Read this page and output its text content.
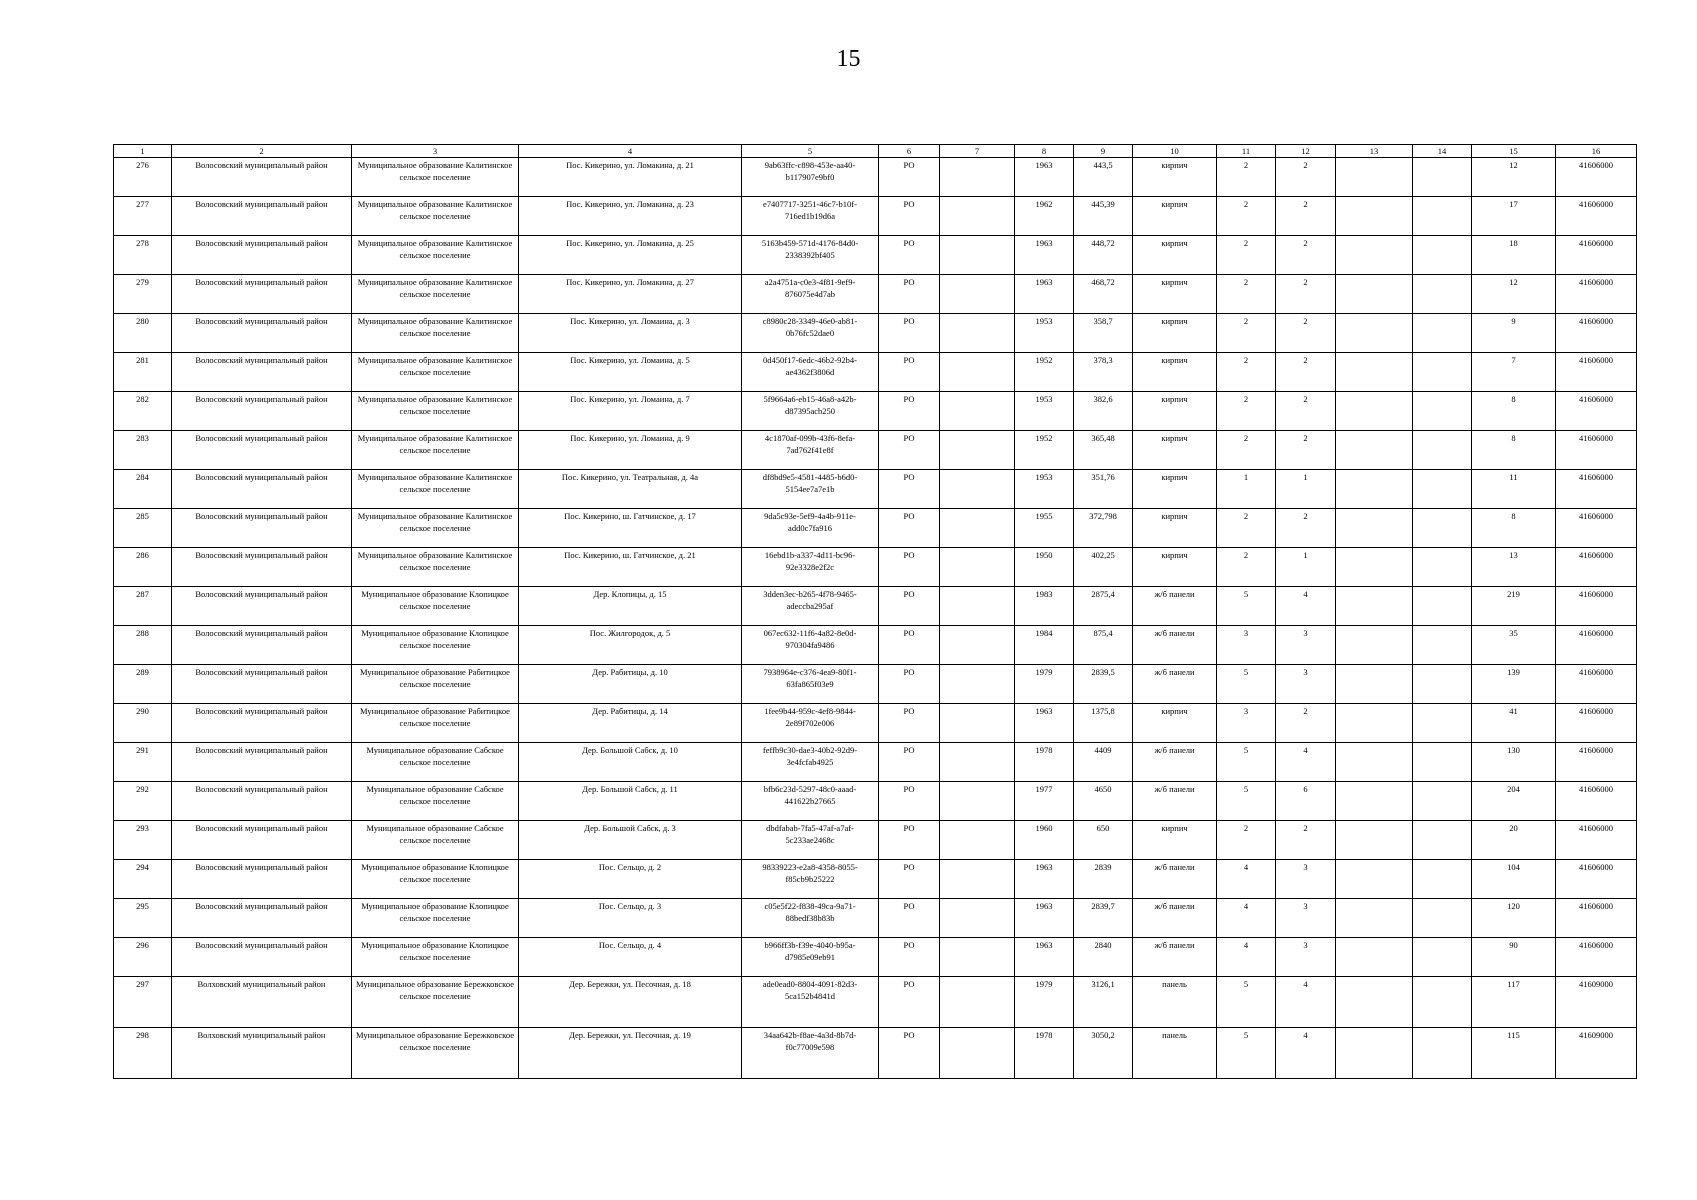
15
1	2	3	4	5	6	7	8	9	10	11	12	13	14	15	16
276	Волосовский муниципальный район	Муниципальное образование Калитинское сельское поселение	Пос. Кикерино, ул. Ломакина, д. 21	9ab63ffc-c898-453e-aa40-b117907e9bf0	РО		1963	443,5	кирпич	2	2			12	41606000
277	Волосовский муниципальный район	Муниципальное образование Калитинское сельское поселение	Пос. Кикерино, ул. Ломакина, д. 23	e7407717-3251-46c7-b10f-716ed1b19d6a	РО		1962	445,39	кирпич	2	2			17	41606000
278	Волосовский муниципальный район	Муниципальное образование Калитинское сельское поселение	Пос. Кикерино, ул. Ломакина, д. 25	5163b459-571d-4176-84d0-2338392bf405	РО		1963	448,72	кирпич	2	2			18	41606000
279	Волосовский муниципальный район	Муниципальное образование Калитинское сельское поселение	Пос. Кикерино, ул. Ломакина, д. 27	a2a4751a-c0e3-4f81-9ef9-876075e4d7ab	РО		1963	468,72	кирпич	2	2			12	41606000
280	Волосовский муниципальный район	Муниципальное образование Калитинское сельское поселение	Пос. Кикерино, ул. Ломаина, д. 3	c8980c28-3349-46e0-ab81-0b76fc52dae0	РО		1953	358,7	кирпич	2	2			9	41606000
281	Волосовский муниципальный район	Муниципальное образование Калитинское сельское поселение	Пос. Кикерино, ул. Ломаина, д. 5	0d450f17-6edc-46b2-92b4-ae4362f3806d	РО		1952	378,3	кирпич	2	2			7	41606000
282	Волосовский муниципальный район	Муниципальное образование Калитинское сельское поселение	Пос. Кикерино, ул. Ломаина, д. 7	5f9664a6-eb15-46a8-a42b-d87395acb250	РО		1953	382,6	кирпич	2	2			8	41606000
283	Волосовский муниципальный район	Муниципальное образование Калитинское сельское поселение	Пос. Кикерино, ул. Ломаина, д. 9	4c1870af-099b-43f6-8efa-7ad762f41e8f	РО		1952	365,48	кирпич	2	2			8	41606000
284	Волосовский муниципальный район	Муниципальное образование Калитинское сельское поселение	Пос. Кикерино, ул. Театральная, д. 4а	df8bd9e5-4581-4485-b6d0-5154ee7a7e1b	РО		1953	351,76	кирпич	1	1			11	41606000
285	Волосовский муниципальный район	Муниципальное образование Калитинское сельское поселение	Пос. Кикерино, ш. Гатчинское, д. 17	9da5c93e-5ef9-4a4b-911e-add0c7fa916	РО		1955	372,798	кирпич	2	2			8	41606000
286	Волосовский муниципальный район	Муниципальное образование Калитинское сельское поселение	Пос. Кикерино, ш. Гатчинское, д. 21	16ebd1b-a337-4d11-bc96-92e3328e2f2c	РО		1950	402,25	кирпич	2	1			13	41606000
287	Волосовский муниципальный район	Муниципальное образование Клопицкое сельское поселение	Дер. Клопицы, д. 15	3dden3ec-b265-4f78-9465-adeccba295af	РО		1983	2875,4	ж/б панели	5	4			219	41606000
288	Волосовский муниципальный район	Муниципальное образование Клопицкое сельское поселение	Пос. Жилгородок, д. 5	067ec632-11f6-4a82-8e0d-970304fa9486	РО		1984	875,4	ж/б панели	3	3			35	41606000
289	Волосовский муниципальный район	Муниципальное образование Рабитицкое сельское поселение	Дер. Рабитицы, д. 10	7938964e-c376-4ea9-80f1-63fa865f03e9	РО		1979	2839,5	ж/б панели	5	3			139	41606000
290	Волосовский муниципальный район	Муниципальное образование Рабитицкое сельское поселение	Дер. Рабитицы, д. 14	1fee9b44-959c-4ef8-9844-2e89f702e006	РО		1963	1375,8	кирпич	3	2			41	41606000
291	Волосовский муниципальный район	Муниципальное образование Сабское сельское поселение	Дер. Большой Сабск, д. 10	feffb9c30-dae3-40b2-92d9-3e4fcfab4925	РО		1978	4409	ж/б панели	5	4			130	41606000
292	Волосовский муниципальный район	Муниципальное образование Сабское сельское поселение	Дер. Большой Сабск, д. 11	bfb6c23d-5297-48c0-aaad-441622b27665	РО		1977	4650	ж/б панели	5	6			204	41606000
293	Волосовский муниципальный район	Муниципальное образование Сабское сельское поселение	Дер. Большой Сабск, д. 3	dbdfabab-7fa5-47af-a7af-5c233ae2468c	РО		1960	650	кирпич	2	2			20	41606000
294	Волосовский муниципальный район	Муниципальное образование Клопицкое сельское поселение	Пос. Сельцо, д. 2	98339223-e2a8-4358-8055-f85cb9b25222	РО		1963	2839	ж/б панели	4	3			104	41606000
295	Волосовский муниципальный район	Муниципальное образование Клопицкое сельское поселение	Пос. Сельцо, д. 3	c05e5f22-f838-49ca-9a71-88bedf38b83b	РО		1963	2839,7	ж/б панели	4	3			120	41606000
296	Волосовский муниципальный район	Муниципальное образование Клопицкое сельское поселение	Пос. Сельцо, д. 4	b966ff3b-f39e-4040-b95a-d7985e09eb91	РО		1963	2840	ж/б панели	4	3			90	41606000
297	Волховский муниципальный район	Муниципальное образование Бережковское сельское поселение	Дер. Бережки, ул. Песочная, д. 18	ade0ead0-8804-4091-82d3-5ca152b4841d	РО		1979	3126,1	панель	5	4			117	41609000
298	Волховский муниципальный район	Муниципальное образование Бережковское сельское поселение	Дер. Бережки, ул. Песочная, д. 19	34aa642b-f8ae-4a3d-8b7d-f0c77009e598	РО		1978	3050,2	панель	5	4			115	41609000
